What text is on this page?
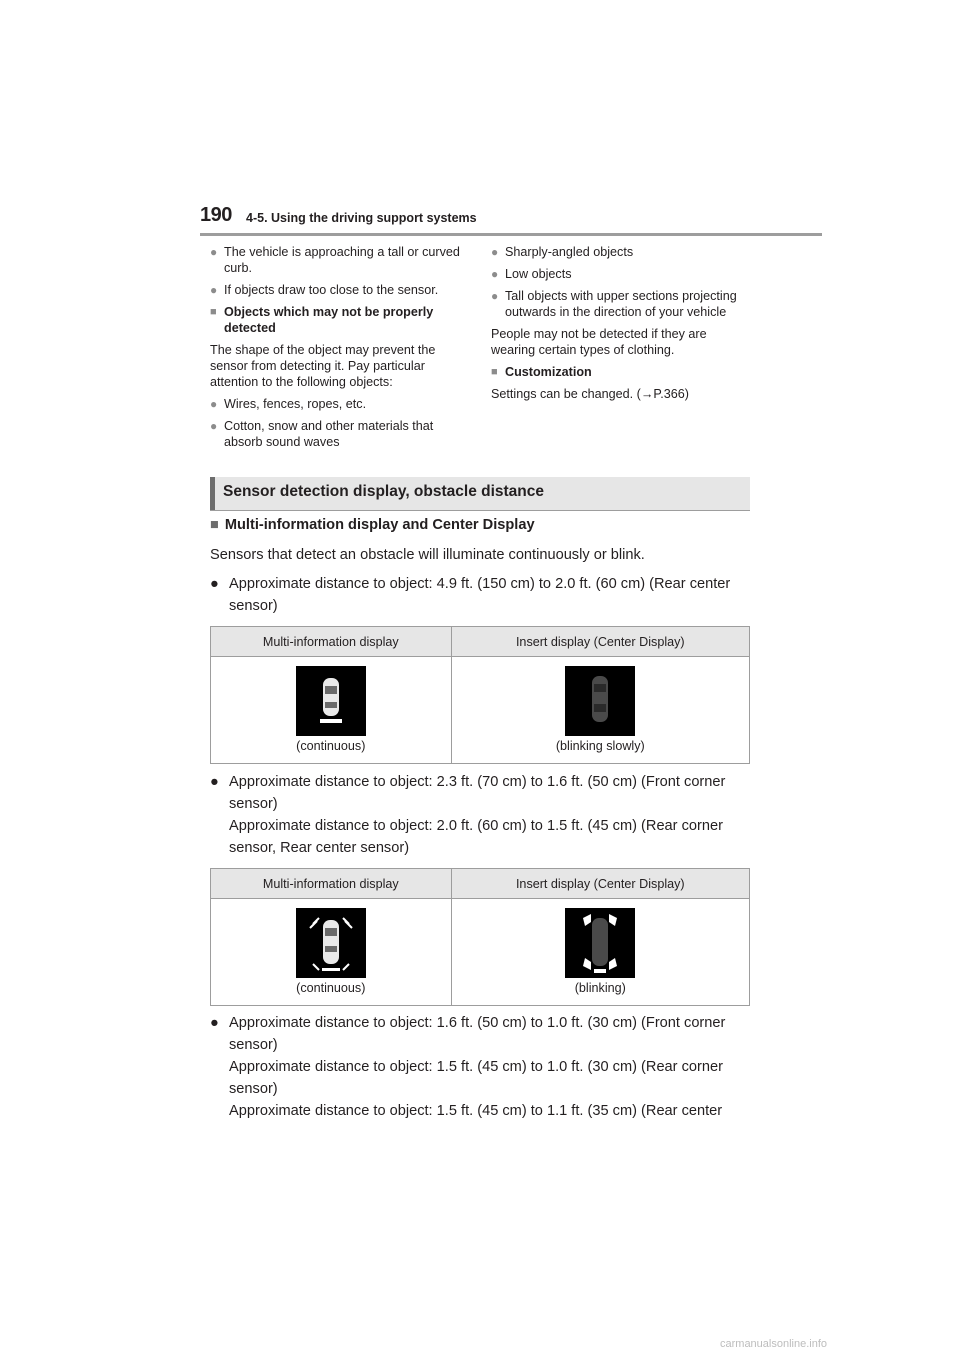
190 4-5. Using the driving support systems
● The vehicle is approaching a tall or curved curb.
● If objects draw too close to the sensor.
■ Objects which may not be properly detected
The shape of the object may prevent the sensor from detecting it. Pay particular attention to the following objects:
● Wires, fences, ropes, etc.
● Cotton, snow and other materials that absorb sound waves
● Sharply-angled objects
● Low objects
● Tall objects with upper sections projecting outwards in the direction of your vehicle
People may not be detected if they are wearing certain types of clothing.
■ Customization
Settings can be changed. (→P.366)
Sensor detection display, obstacle distance
■ Multi-information display and Center Display
Sensors that detect an obstacle will illuminate continuously or blink.
● Approximate distance to object: 4.9 ft. (150 cm) to 2.0 ft. (60 cm) (Rear center sensor)
Multi-information display	Insert display (Center Display)

(continuous)	(blinking slowly)
● Approximate distance to object: 2.3 ft. (70 cm) to 1.6 ft. (50 cm) (Front corner sensor)
Approximate distance to object: 2.0 ft. (60 cm) to 1.5 ft. (45 cm) (Rear corner sensor, Rear center sensor)
Multi-information display	Insert display (Center Display)

(continuous)	(blinking)
● Approximate distance to object: 1.6 ft. (50 cm) to 1.0 ft. (30 cm) (Front corner sensor)
Approximate distance to object: 1.5 ft. (45 cm) to 1.0 ft. (30 cm) (Rear corner sensor)
Approximate distance to object: 1.5 ft. (45 cm) to 1.1 ft. (35 cm) (Rear center
carmanualsonline.info
